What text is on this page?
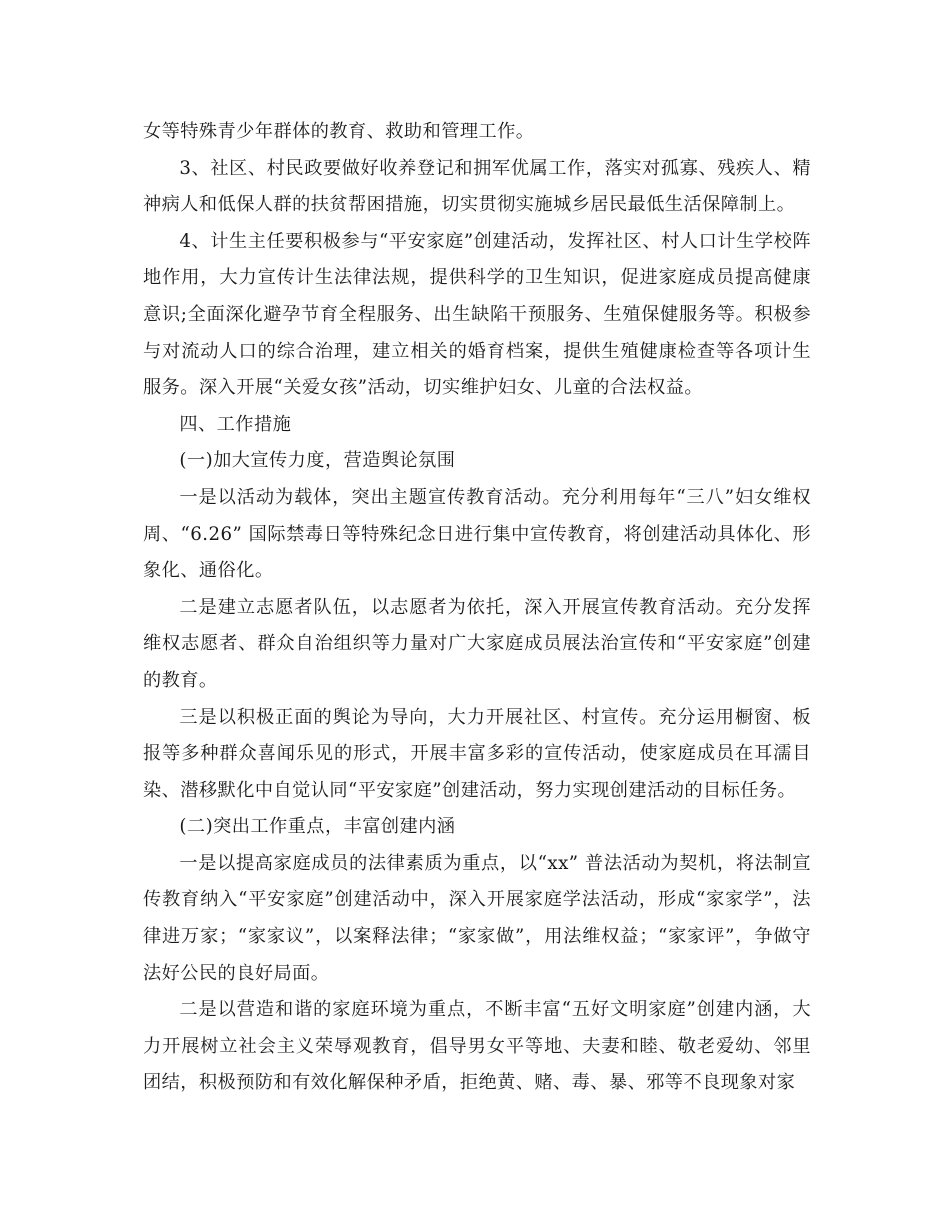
女等特殊青少年群体的教育、救助和管理工作。

3、社区、村民政要做好收养登记和拥军优属工作，落实对孤寡、残疾人、精神病人和低保人群的扶贫帮困措施，切实贯彻实施城乡居民最低生活保障制上。

4、计生主任要积极参与“平安家庭”创建活动，发挥社区、村人口计生学校阵地作用，大力宣传计生法律法规，提供科学的卫生知识，促进家庭成员提高健康意识;全面深化避孕节育全程服务、出生缺陷干预服务、生殖保健服务等。积极参与对流动人口的综合治理，建立相关的婚育档案，提供生殖健康检查等各项计生服务。深入开展“关爱女孩”活动，切实维护妇女、儿童的合法权益。

四、工作措施

(一)加大宣传力度，营造舆论氛围

一是以活动为载体，突出主题宣传教育活动。充分利用每年“三八”妇女维权周、“6.26” 国际禁毒日等特殊纪念日进行集中宣传教育，将创建活动具体化、形象化、通俗化。

二是建立志愿者队伍，以志愿者为依托，深入开展宣传教育活动。充分发挥维权志愿者、群众自治组织等力量对广大家庭成员展法治宣传和“平安家庭”创建的教育。

三是以积极正面的舆论为导向，大力开展社区、村宣传。充分运用橱窗、板报等多种群众喜闻乐见的形式，开展丰富多彩的宣传活动，使家庭成员在耳濡目染、潜移默化中自觉认同“平安家庭”创建活动，努力实现创建活动的目标任务。

(二)突出工作重点，丰富创建内涵

一是以提高家庭成员的法律素质为重点，以“xx” 普法活动为契机，将法制宣传教育纳入“平安家庭”创建活动中，深入开展家庭学法活动，形成“家家学”，法律进万家；“家家议”，以案释法律；“家家做”，用法维权益；“家家评”，争做守法好公民的良好局面。

二是以营造和谐的家庭环境为重点，不断丰富“五好文明家庭”创建内涵，大力开展树立社会主义荣辱观教育，倡导男女平等地、夫妻和睦、敬老爱幼、邻里团结，积极预防和有效化解保种矛盾，拒绝黄、赌、毒、暴、邪等不良现象对家
